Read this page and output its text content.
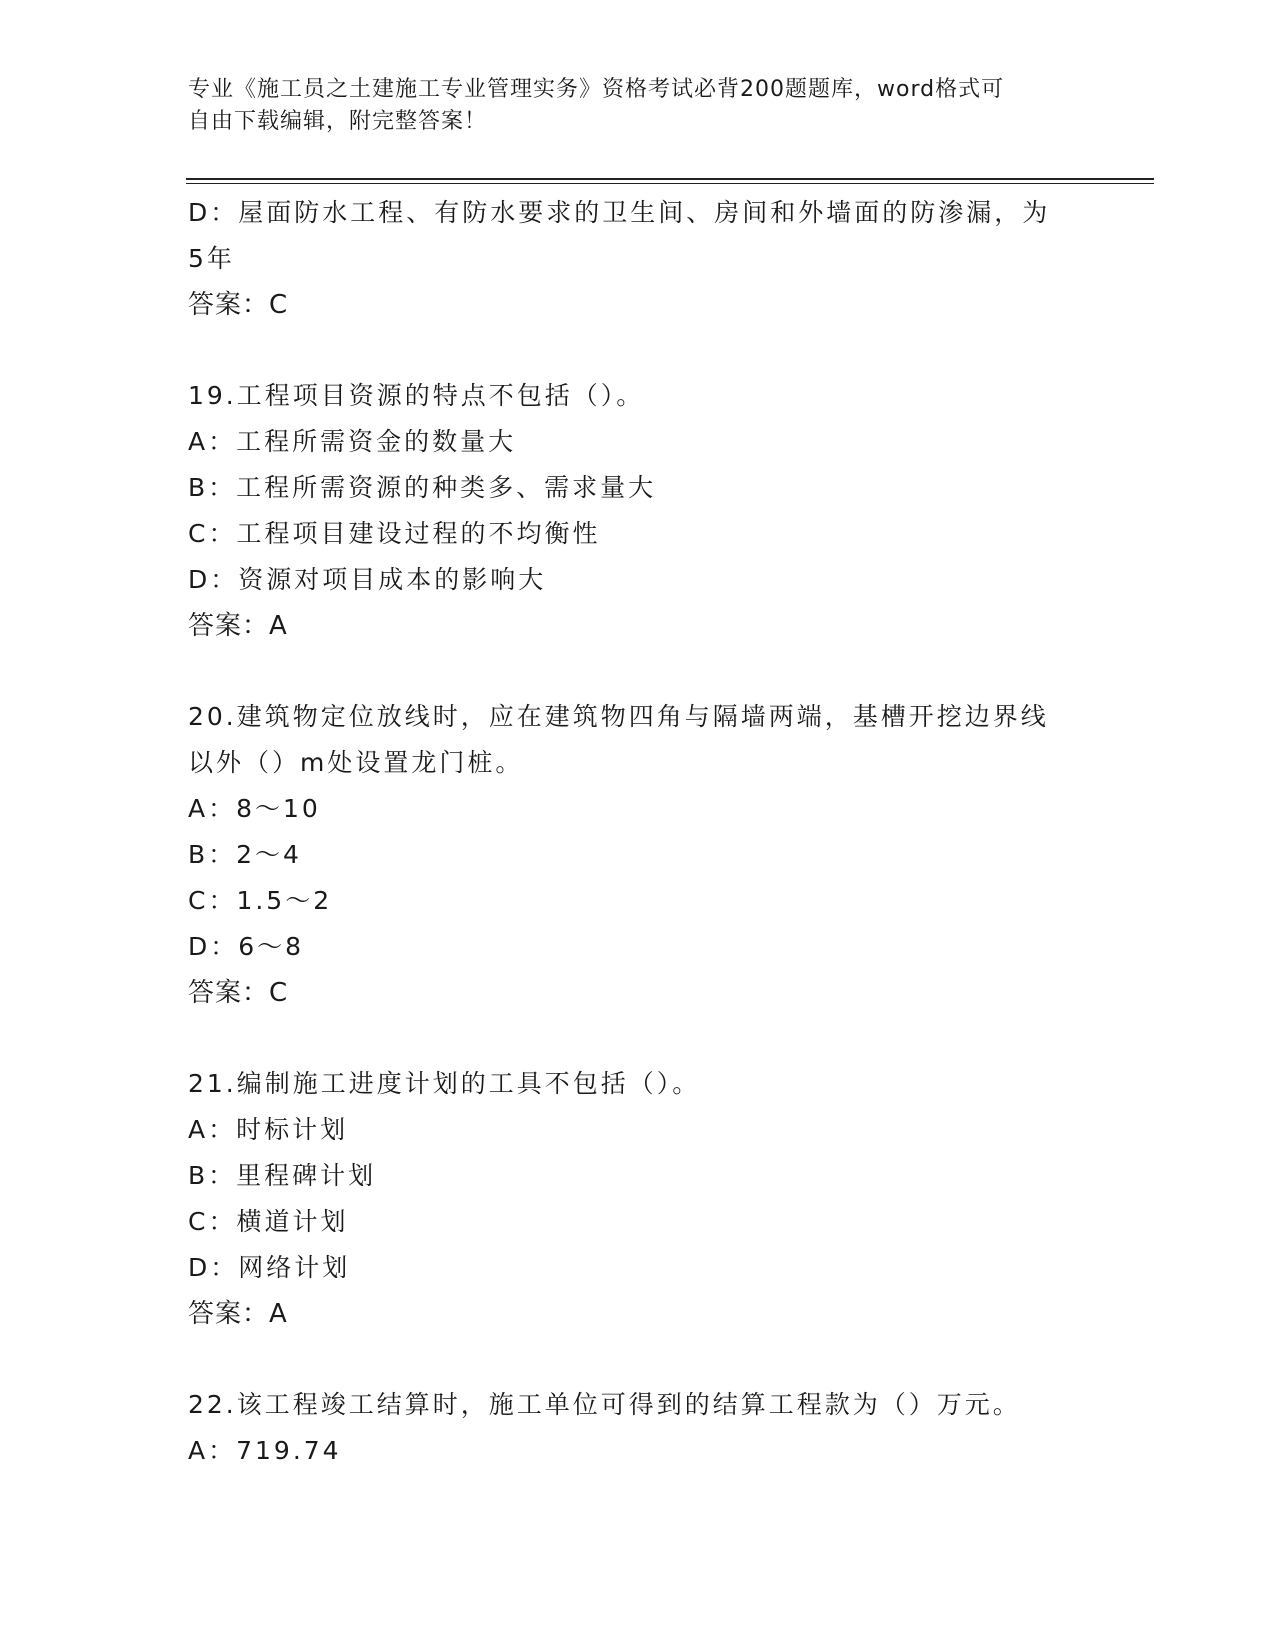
专业《施工员之土建施工专业管理实务》资格考试必背200题题库，word格式可
自由下载编辑，附完整答案！
D：屋面防水工程、有防水要求的卫生间、房间和外墙面的防渗漏，为
5年
答案：C
19.工程项目资源的特点不包括（）。
A：工程所需资金的数量大
B：工程所需资源的种类多、需求量大
C：工程项目建设过程的不均衡性
D：资源对项目成本的影响大
答案：A
20.建筑物定位放线时，应在建筑物四角与隔墙两端，基槽开挖边界线
以外（）m处设置龙门桩。
A：8～10
B：2～4
C：1.5～2
D：6～8
答案：C
21.编制施工进度计划的工具不包括（）。
A：时标计划
B：里程碑计划
C：横道计划
D：网络计划
答案：A
22.该工程竣工结算时，施工单位可得到的结算工程款为（）万元。
A：719.74
